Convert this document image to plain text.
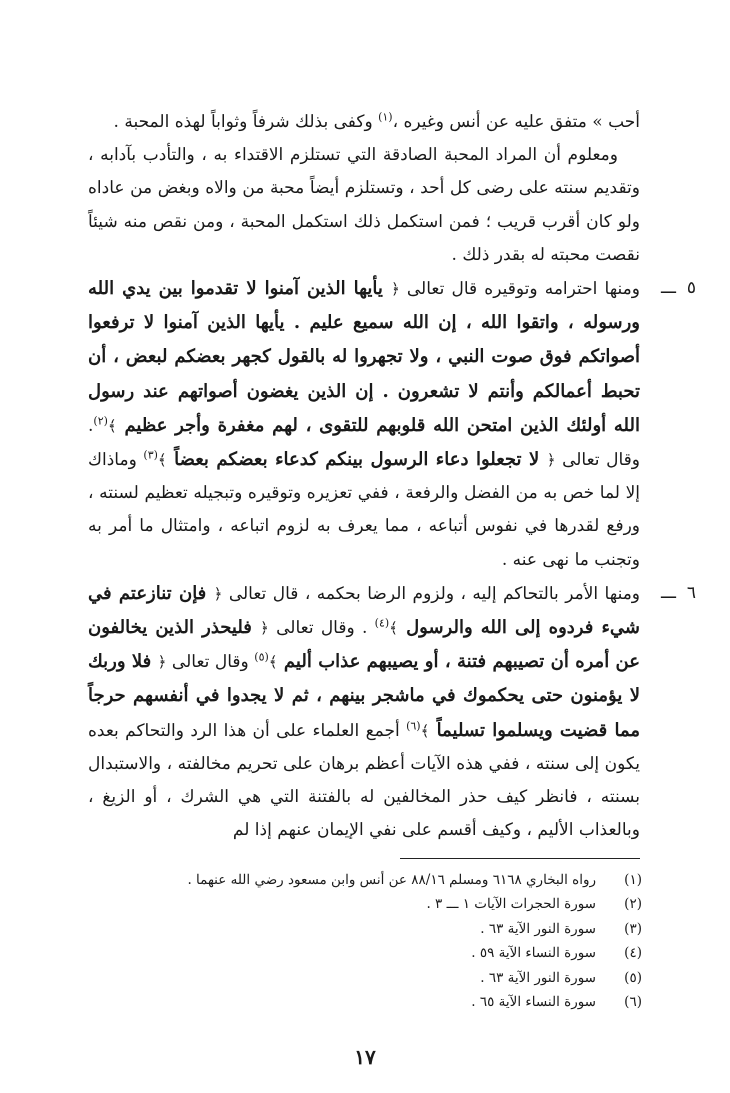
أحب » متفق عليه عن أنس وغيره ،$^{(١)}$ وكفى بذلك شرفاً وثواباً لهذه المحبة .

ومعلوم أن المراد المحبة الصادقة التي تستلزم الاقتداء به ، والتأدب بآدابه ، وتقديم سنته على رضى كل أحد ، وتستلزم أيضاً محبة من والاه وبغض من عاداه ولو كان أقرب قريب ؛ فمن استكمل ذلك استكمل المحبة ، ومن نقص منه شيئاً نقصت محبته له بقدر ذلك .

٥
ـــ

ومنها احترامه وتوقيره قال تعالى ﴿ يأيها الذين آمنوا لا تقدموا بين يدي الله ورسوله ، واتقوا الله ، إن الله سميع عليم . يأيها الذين آمنوا لا ترفعوا أصواتكم فوق صوت النبي ، ولا تجهروا له بالقول كجهر بعضكم لبعض ، أن تحبط أعمالكم وأنتم لا تشعرون . إن الذين يغضون أصواتهم عند رسول الله أولئك الذين امتحن الله قلوبهم للتقوى ، لهم مغفرة وأجر عظيم ﴾$^{(٢)}$. وقال تعالى ﴿ لا تجعلوا دعاء الرسول بينكم كدعاء بعضكم بعضاً ﴾$^{(٣)}$ وماذاك إلا لما خص به من الفضل والرفعة ، ففي تعزيره وتوقيره وتبجيله تعظيم لسنته ، ورفع لقدرها في نفوس أتباعه ، مما يعرف به لزوم اتباعه ، وامتثال ما أمر به وتجنب ما نهى عنه .

٦
ـــ

ومنها الأمر بالتحاكم إليه ، ولزوم الرضا بحكمه ، قال تعالى ﴿ فإن تنازعتم في شيء فردوه إلى الله والرسول ﴾$^{(٤)}$ . وقال تعالى ﴿ فليحذر الذين يخالفون عن أمره أن تصيبهم فتنة ، أو يصيبهم عذاب أليم ﴾$^{(٥)}$ وقال تعالى ﴿ فلا وربك لا يؤمنون حتى يحكموك في ماشجر بينهم ، ثم لا يجدوا في أنفسهم حرجاً مما قضيت ويسلموا تسليماً ﴾$^{(٦)}$ أجمع العلماء على أن هذا الرد والتحاكم بعده يكون إلى سنته ، ففي هذه الآيات أعظم برهان على تحريم مخالفته ، والاستبدال بسنته ، فانظر كيف حذر المخالفين له بالفتنة التي هي الشرك ، أو الزيغ ، وبالعذاب الأليم ، وكيف أقسم على نفي الإيمان عنهم إذا لم

(١)
رواه البخاري ٦١٦٨ ومسلم ٨٨/١٦ عن أنس وابن مسعود رضي الله عنهما .
(٢)
سورة الحجرات الآيات ١ ـــ ٣ .
(٣)
سورة النور الآية ٦٣ .
(٤)
سورة النساء الآية ٥٩ .
(٥)
سورة النور الآية ٦٣ .
(٦)
سورة النساء الآية ٦٥ .
١٧
